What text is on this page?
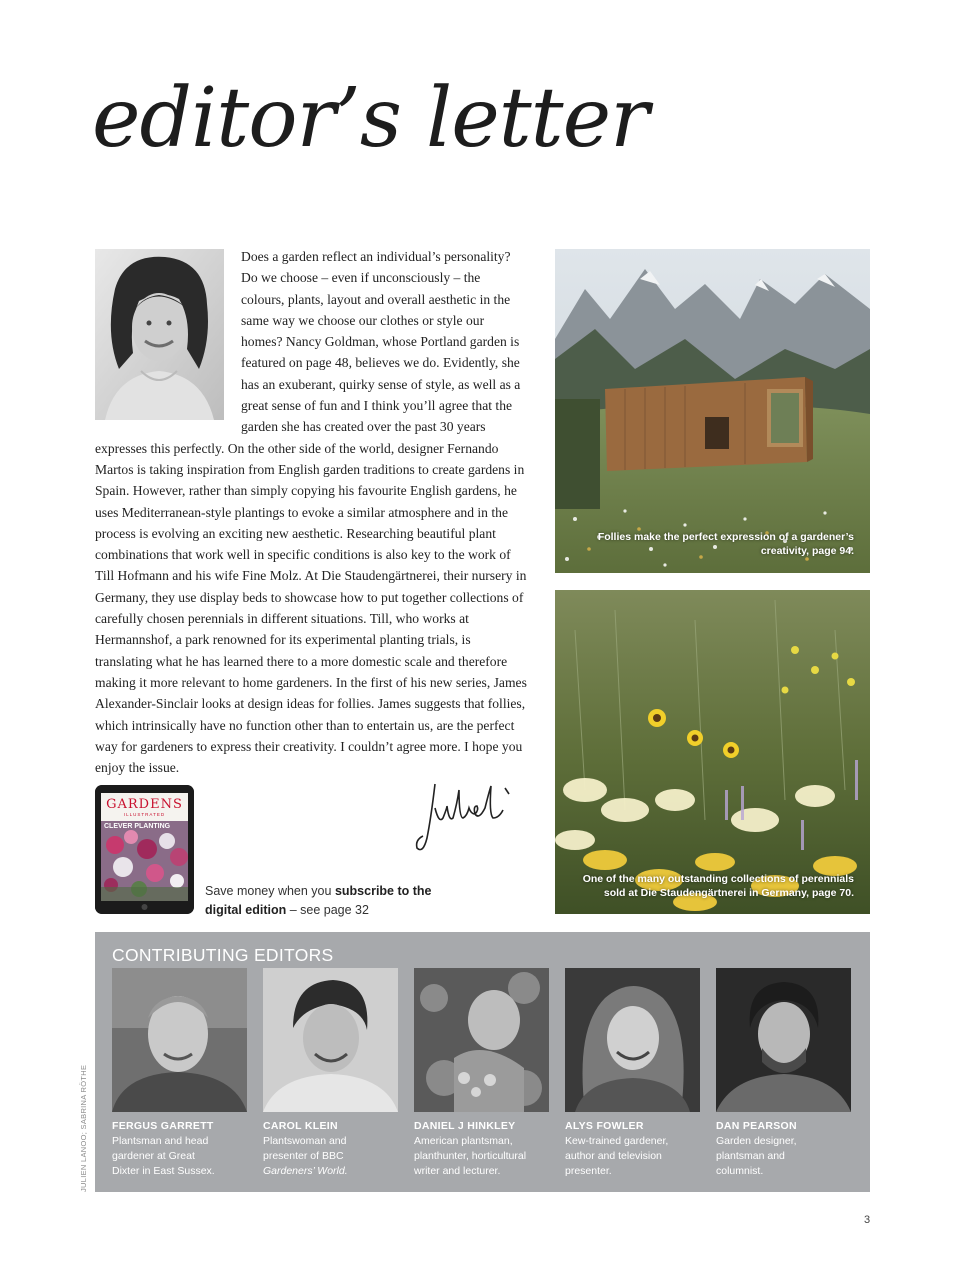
editor’s letter
Does a garden reflect an individual’s personality? Do we choose – even if unconsciously – the colours, plants, layout and overall aesthetic in the same way we choose our clothes or style our homes? Nancy Goldman, whose Portland garden is featured on page 48, believes we do. Evidently, she has an exuberant, quirky sense of style, as well as a great sense of fun and I think you’ll agree that the garden she has created over the past 30 years expresses this perfectly. On the other side of the world, designer Fernando Martos is taking inspiration from English garden traditions to create gardens in Spain. However, rather than simply copying his favourite English gardens, he uses Mediterranean-style plantings to evoke a similar atmosphere and in the process is evolving an exciting new aesthetic. Researching beautiful plant combinations that work well in specific conditions is also key to the work of Till Hofmann and his wife Fine Molz. At Die Staudengärtnerei, their nursery in Germany, they use display beds to showcase how to put together collections of carefully chosen perennials in different situations. Till, who works at Hermannshof, a park renowned for its experimental planting trials, is translating what he has learned there to a more domestic scale and therefore making it more relevant to home gardeners. In the first of his new series, James Alexander-Sinclair looks at design ideas for follies. James suggests that follies, which intrinsically have no function other than to entertain us, are the perfect way for gardeners to express their creativity. I couldn’t agree more. I hope you enjoy the issue.
GARDENS
ILLUSTRATED
CLEVER PLANTING
Save money when you subscribe to the digital edition – see page 32
Follies make the perfect expression of a gardener’s creativity, page 94.
One of the many outstanding collections of perennials sold at Die Staudengärtnerei in Germany, page 70.
CONTRIBUTING EDITORS
FERGUS GARRETT
Plantsman and head
gardener at Great
Dixter in East Sussex.
CAROL KLEIN
Plantswoman and
presenter of BBC
Gardeners’ World.
DANIEL J HINKLEY
American plantsman,
planthunter, horticultural
writer and lecturer.
ALYS FOWLER
Kew-trained gardener,
author and television
presenter.
DAN PEARSON
Garden designer,
plantsman and
columnist.
JULIEN LANOO; SABRINA RÖTHE
3
